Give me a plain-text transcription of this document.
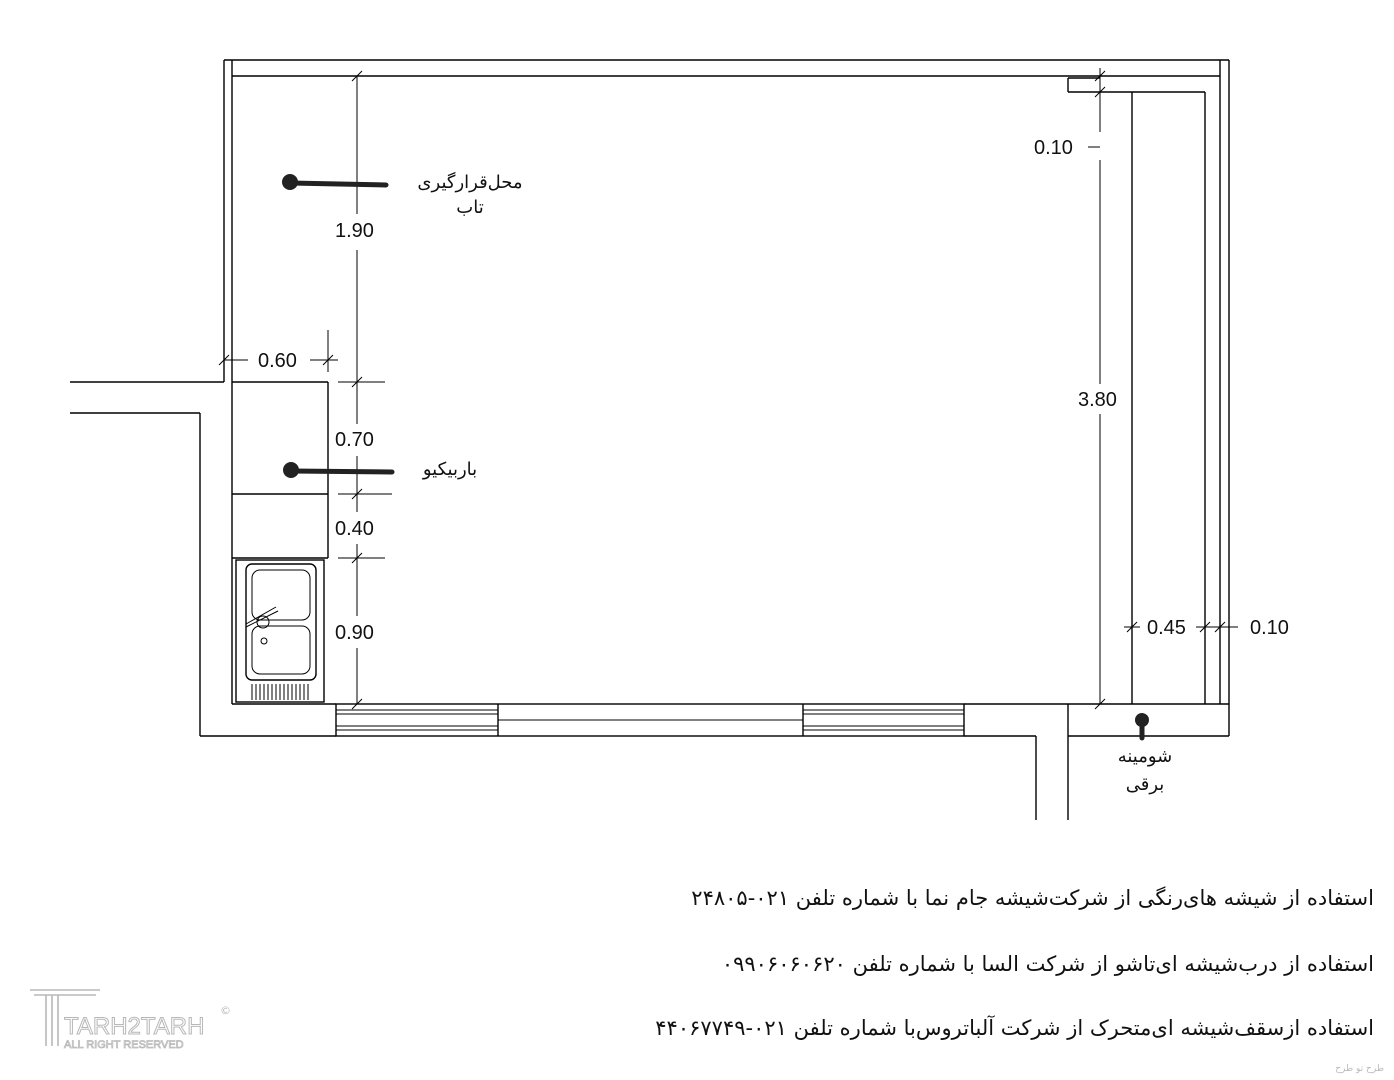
1.90
0.60
0.70
0.40
0.90
0.10
3.80
0.45	0.10
محل‌قرارگیری
تاب
باربیکیو
شومینه
برقی
استفاده از شیشه های‌رنگی از شرکت‌شیشه جام نما با شماره تلفن ۰۲۱-۲۴۸۰۵
استفاده از درب‌شیشه ای‌تاشو از شرکت السا با شماره تلفن ۰۹۹۰۶۰۶۰۶۲۰
استفاده ازسقف‌شیشه ای‌متحرک از شرکت آلباتروس‌با شماره تلفن ۰۲۱-۴۴۰۶۷۷۴۹
TARH2TARH
ALL RIGHT RESERVED
©
طرح تو طرح
